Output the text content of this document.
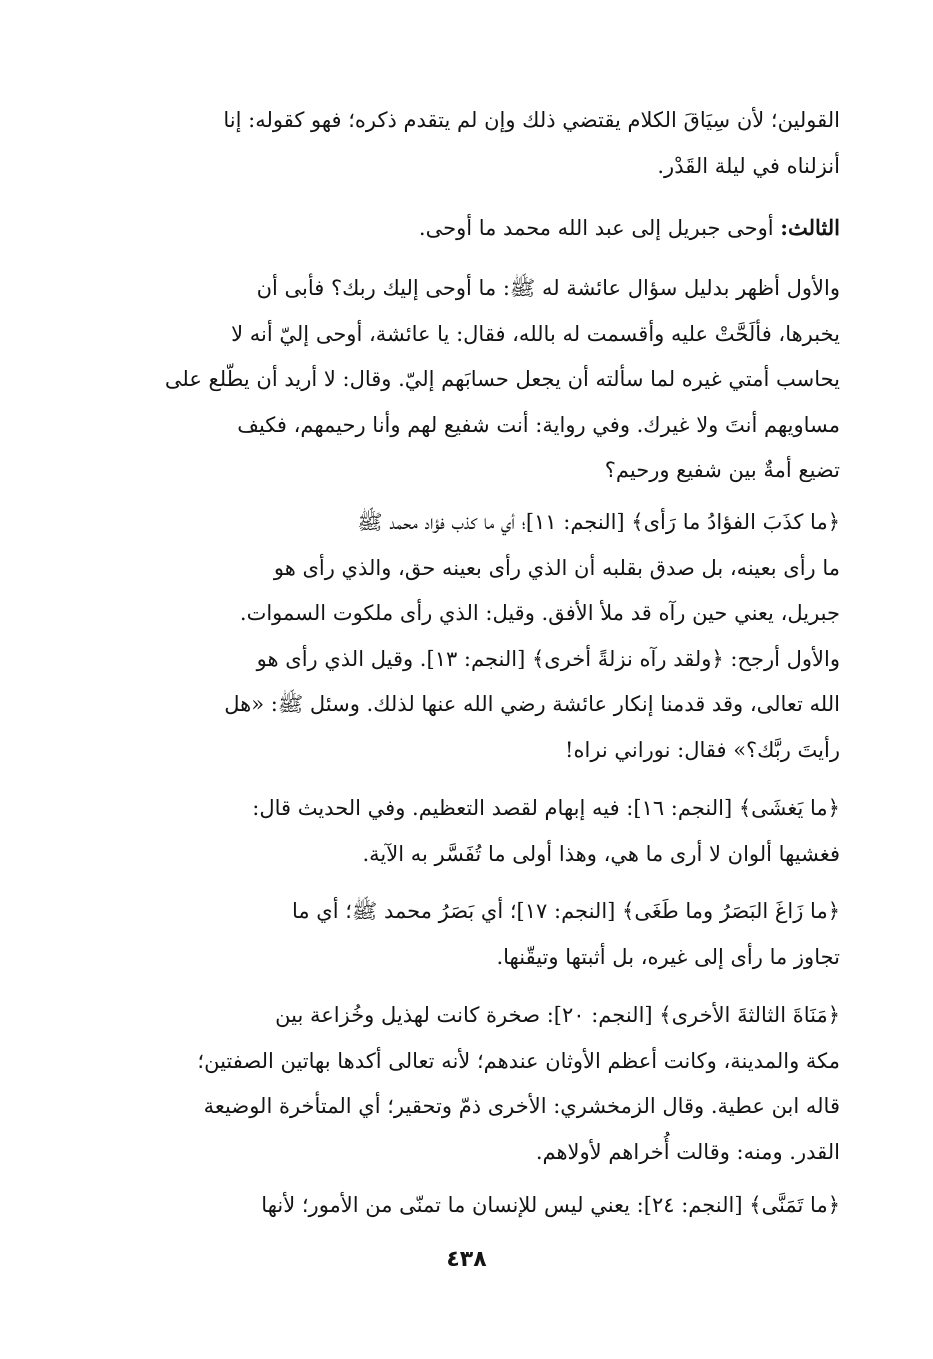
القولين؛ لأن سِيَاقَ الكلام يقتضي ذلك وإن لم يتقدم ذكره؛ فهو كقوله: إنا
أنزلناه في ليلة القَدْر.
الثالث: أوحى جبريل إلى عبد الله محمد ما أوحى.
والأول أظهر بدليل سؤال عائشة له ﷺ: ما أوحى إليك ربك؟ فأبى أن
يخبرها، فألَحَّتْ عليه وأقسمت له بالله، فقال: يا عائشة، أوحى إليّ أنه لا
يحاسب أمتي غيره لما سألته أن يجعل حسابَهم إليّ. وقال: لا أريد أن يطّلع على
مساويهم أنتَ ولا غيرك. وفي رواية: أنت شفيع لهم وأنا رحيمهم، فكيف
تضيع أمةٌ بين شفيع ورحيم؟
﴿ما كذَبَ الفؤادُ ما رَأى﴾ [النجم: ١١]؛ أي ما كذب فؤاد محمد ﷺ
ما رأى بعينه، بل صدق بقلبه أن الذي رأى بعينه حق، والذي رأى هو
جبريل، يعني حين رآه قد ملأ الأفق. وقيل: الذي رأى ملكوت السموات.
والأول أرجح: ﴿ولقد رآه نزلةً أخرى﴾ [النجم: ١٣]. وقيل الذي رأى هو
الله تعالى، وقد قدمنا إنكار عائشة رضي الله عنها لذلك. وسئل ﷺ: «هل
رأيتَ ربَّك؟» فقال: نوراني نراه!
﴿ما يَغشَى﴾ [النجم: ١٦]: فيه إبهام لقصد التعظيم. وفي الحديث قال:
فغشيها ألوان لا أرى ما هي، وهذا أولى ما تُفَسَّر به الآية.
﴿ما زَاغَ البَصَرُ وما طَغَى﴾ [النجم: ١٧]؛ أي بَصَرُ محمد ﷺ؛ أي ما
تجاوز ما رأى إلى غيره، بل أثبتها وتيقّنها.
﴿مَنَاةَ الثالثةَ الأخرى﴾ [النجم: ٢٠]: صخرة كانت لهذيل وخُزاعة بين
مكة والمدينة، وكانت أعظم الأوثان عندهم؛ لأنه تعالى أكدها بهاتين الصفتين؛
قاله ابن عطية. وقال الزمخشري: الأخرى ذمّ وتحقير؛ أي المتأخرة الوضيعة
القدر. ومنه: وقالت أُخراهم لأولاهم.
﴿ما تَمَنَّى﴾ [النجم: ٢٤]: يعني ليس للإنسان ما تمنّى من الأمور؛ لأنها
٤٣٨
